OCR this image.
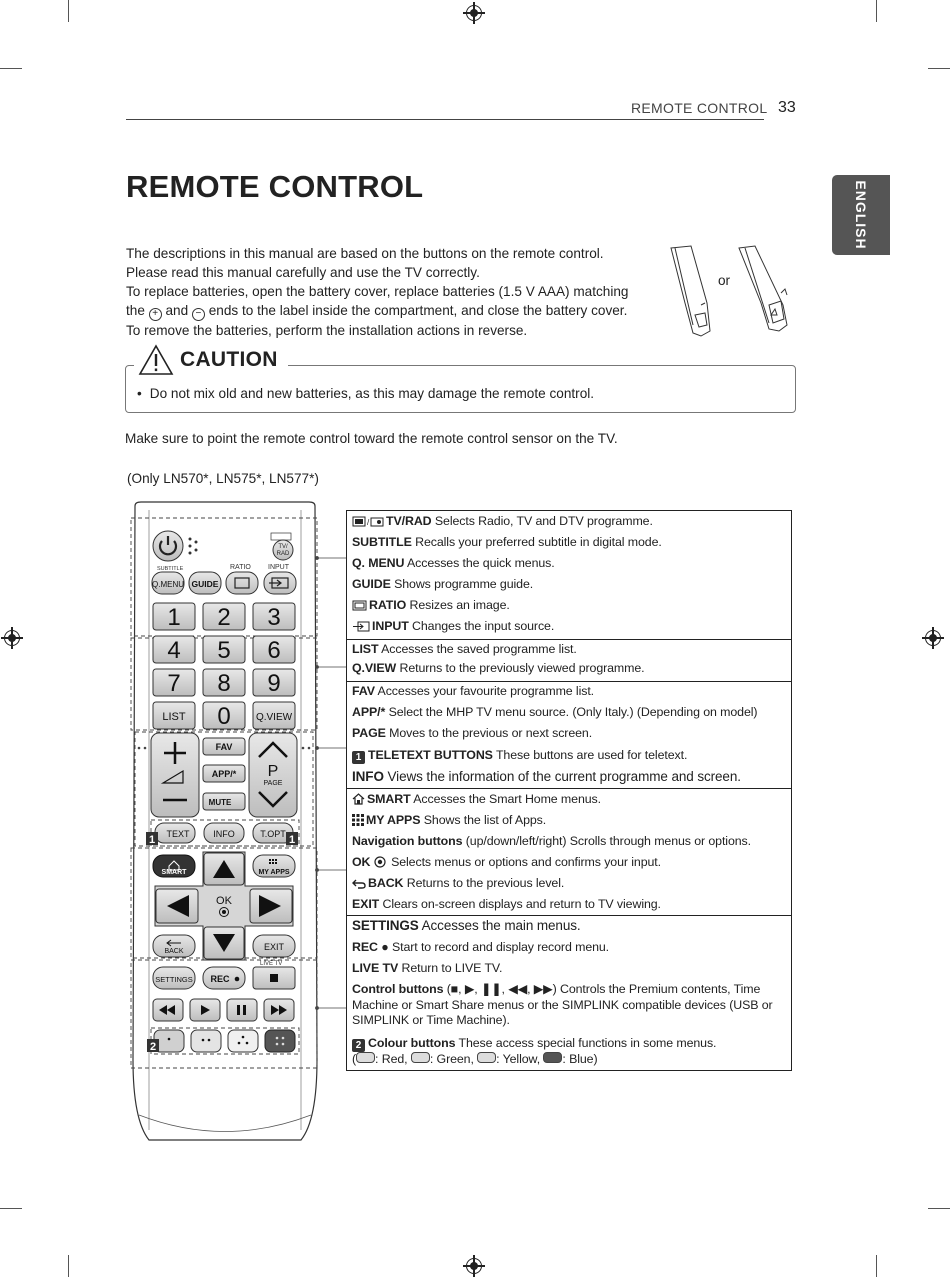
REMOTE CONTROL 33
ENGLISH
REMOTE CONTROL

The descriptions in this manual are based on the buttons on the remote control.

Please read this manual carefully and use the TV correctly.

To replace batteries, open the battery cover, replace batteries (1.5 V AAA) matching

the + and − ends to the label inside the compartment, and close the battery cover.

To remove the batteries, perform the installation actions in reverse.

or
CAUTION
• Do not mix old and new batteries, as this may damage the remote control.
Make sure to point the remote control toward the remote control sensor on the TV.
(Only LN570*, LN575*, LN577*)
TV/
RAD
SUBTITLE	RATIO INPUT
Q.MENU GUIDE
1 2 3
4 5 6
7 8 9
LIST 0	Q.VIEW
P
PAGE
FAV
APP/*
MUTE
TEXT	INFO	T.OPT
1	1
SMART	MY APPS
OK
BACK	EXIT
LIVE TV
SETTINGS REC
2
/ TV/RAD Selects Radio, TV and DTV programme.
SUBTITLE Recalls your preferred subtitle in digital mode.
Q. MENU Accesses the quick menus.
GUIDE Shows programme guide.
RATIO Resizes an image.
INPUT Changes the input source.
LIST Accesses the saved programme list.
Q.VIEW Returns to the previously viewed programme.
FAV Accesses your favourite programme list.
APP/* Select the MHP TV menu source. (Only Italy.) (Depending on model)
PAGE Moves to the previous or next screen.
1 TELETEXT BUTTONS These buttons are used for teletext.
INFO Views the information of the current programme and screen.
SMART Accesses the Smart Home menus.
MY APPS Shows the list of Apps.
Navigation buttons (up/down/left/right) Scrolls through menus or options.
OK  Selects menus or options and confirms your input.
BACK Returns to the previous level.
EXIT Clears on-screen displays and return to TV viewing.
SETTINGS Accesses the main menus.
REC ● Start to record and display record menu.
LIVE TV Return to LIVE TV.
Control buttons (■, ▶, ❚❚, ◀◀, ▶▶) Controls the Premium contents, Time Machine or Smart Share menus or the SIMPLINK compatible devices (USB or SIMPLINK or Time Machine).
2 Colour buttons These access special functions in some menus.
( : Red, : Green, : Yellow, : Blue)
